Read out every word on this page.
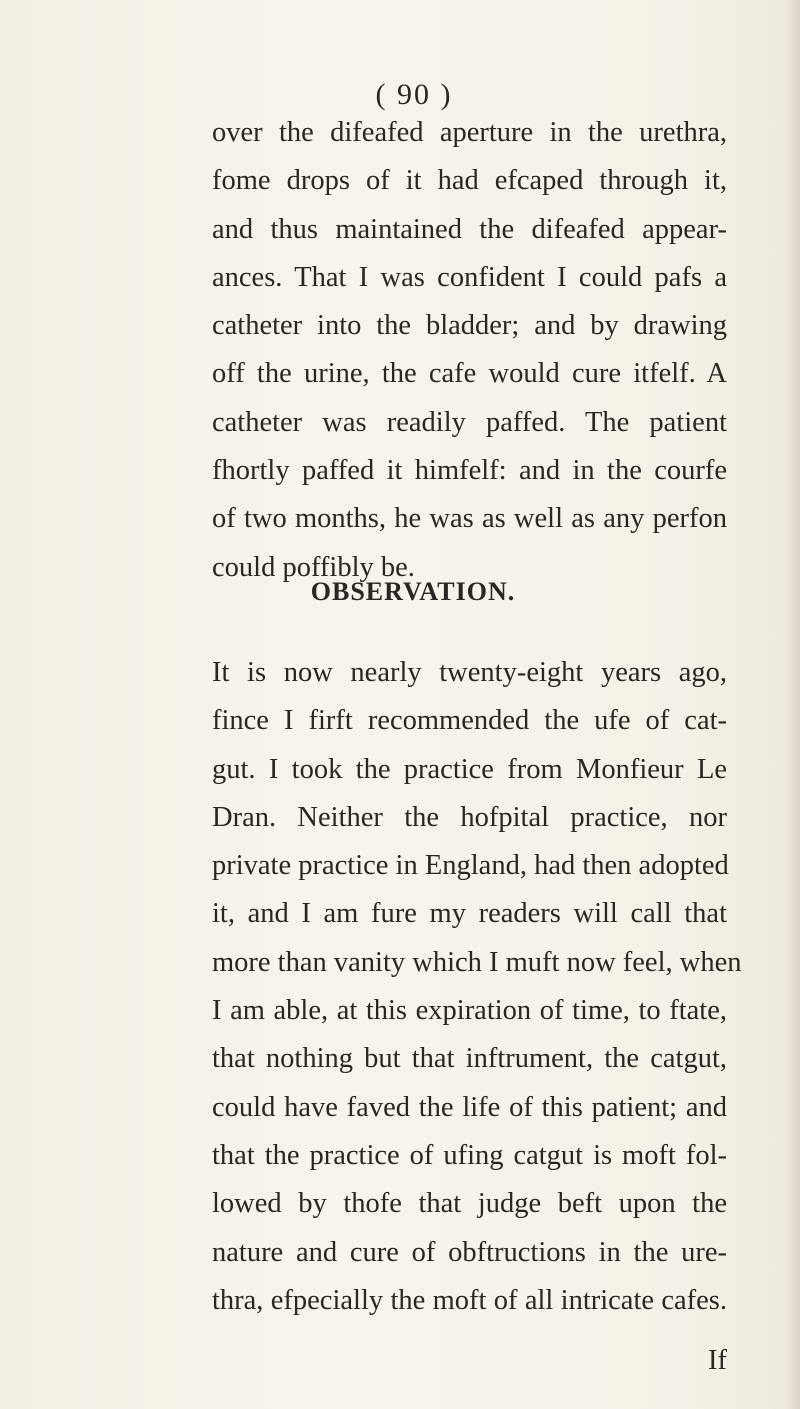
( 90 )
over the difeafed aperture in the urethra,
fome drops of it had efcaped through it,
and thus maintained the difeafed appear-
ances. That I was confident I could pafs a
catheter into the bladder; and by drawing
off the urine, the cafe would cure itfelf. A
catheter was readily paffed. The patient
fhortly paffed it himfelf: and in the courfe
of two months, he was as well as any perfon
could poffibly be.
OBSERVATION.
It is now nearly twenty-eight years ago,
fince I firft recommended the ufe of cat-
gut. I took the practice from Monfieur Le
Dran. Neither the hofpital practice, nor
private practice in England, had then adopted
it, and I am fure my readers will call that
more than vanity which I muft now feel, when
I am able, at this expiration of time, to ftate,
that nothing but that inftrument, the catgut,
could have faved the life of this patient; and
that the practice of ufing catgut is moft fol-
lowed by thofe that judge beft upon the
nature and cure of obftructions in the ure-
thra, efpecially the moft of all intricate cafes.
If
